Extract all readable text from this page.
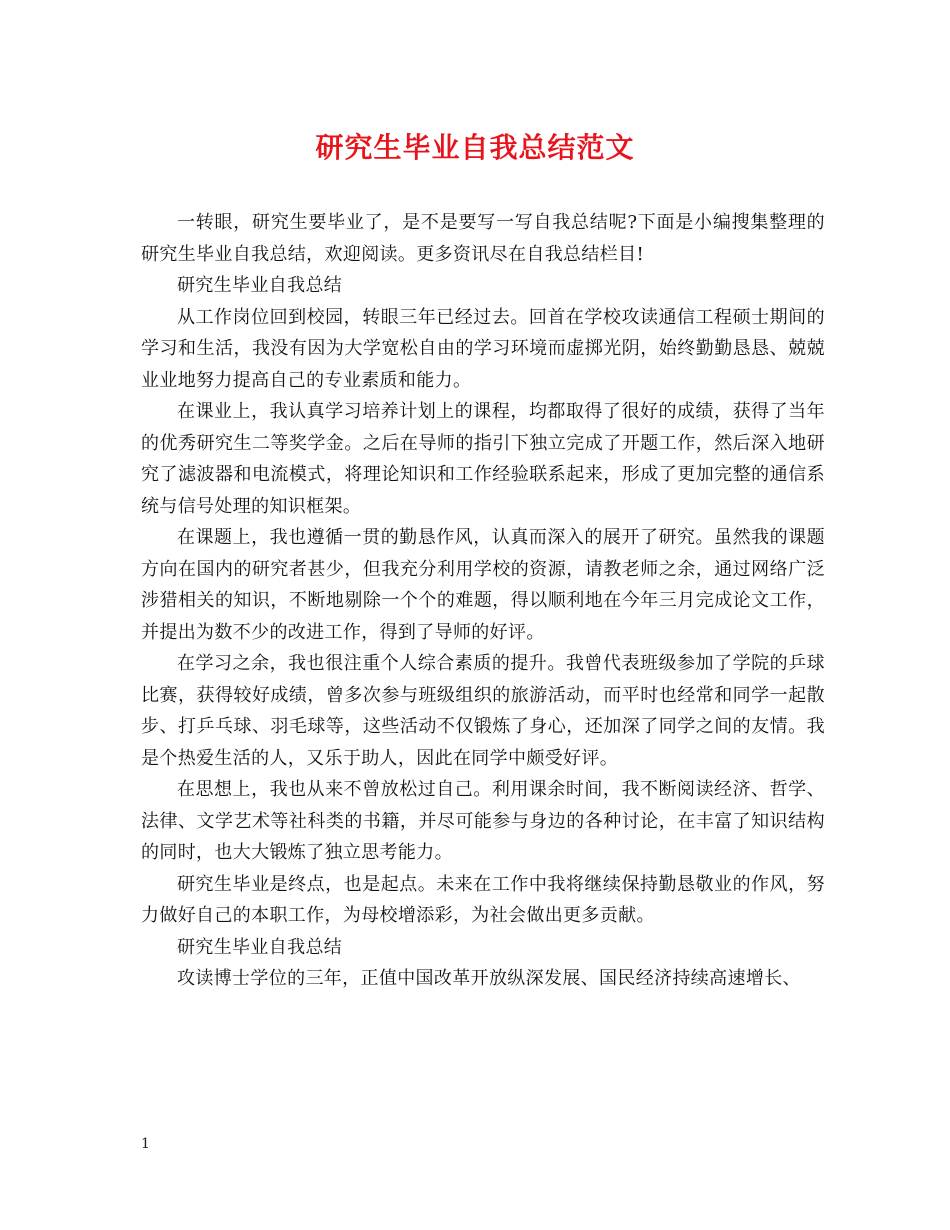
研究生毕业自我总结范文

一转眼，研究生要毕业了，是不是要写一写自我总结呢?下面是小编搜集整理的研究生毕业自我总结，欢迎阅读。更多资讯尽在自我总结栏目!

研究生毕业自我总结

从工作岗位回到校园，转眼三年已经过去。回首在学校攻读通信工程硕士期间的学习和生活，我没有因为大学宽松自由的学习环境而虚掷光阴，始终勤勤恳恳、兢兢业业地努力提高自己的专业素质和能力。

在课业上，我认真学习培养计划上的课程，均都取得了很好的成绩，获得了当年的优秀研究生二等奖学金。之后在导师的指引下独立完成了开题工作，然后深入地研究了滤波器和电流模式，将理论知识和工作经验联系起来，形成了更加完整的通信系统与信号处理的知识框架。

在课题上，我也遵循一贯的勤恳作风，认真而深入的展开了研究。虽然我的课题方向在国内的研究者甚少，但我充分利用学校的资源，请教老师之余，通过网络广泛涉猎相关的知识，不断地剔除一个个的难题，得以顺利地在今年三月完成论文工作，并提出为数不少的改进工作，得到了导师的好评。

在学习之余，我也很注重个人综合素质的提升。我曾代表班级参加了学院的乒球比赛，获得较好成绩，曾多次参与班级组织的旅游活动，而平时也经常和同学一起散步、打乒乓球、羽毛球等，这些活动不仅锻炼了身心，还加深了同学之间的友情。我是个热爱生活的人，又乐于助人，因此在同学中颇受好评。

在思想上，我也从来不曾放松过自己。利用课余时间，我不断阅读经济、哲学、法律、文学艺术等社科类的书籍，并尽可能参与身边的各种讨论，在丰富了知识结构的同时，也大大锻炼了独立思考能力。

研究生毕业是终点，也是起点。未来在工作中我将继续保持勤恳敬业的作风，努力做好自己的本职工作，为母校增添彩，为社会做出更多贡献。

研究生毕业自我总结

攻读博士学位的三年，正值中国改革开放纵深发展、国民经济持续高速增长、

1
